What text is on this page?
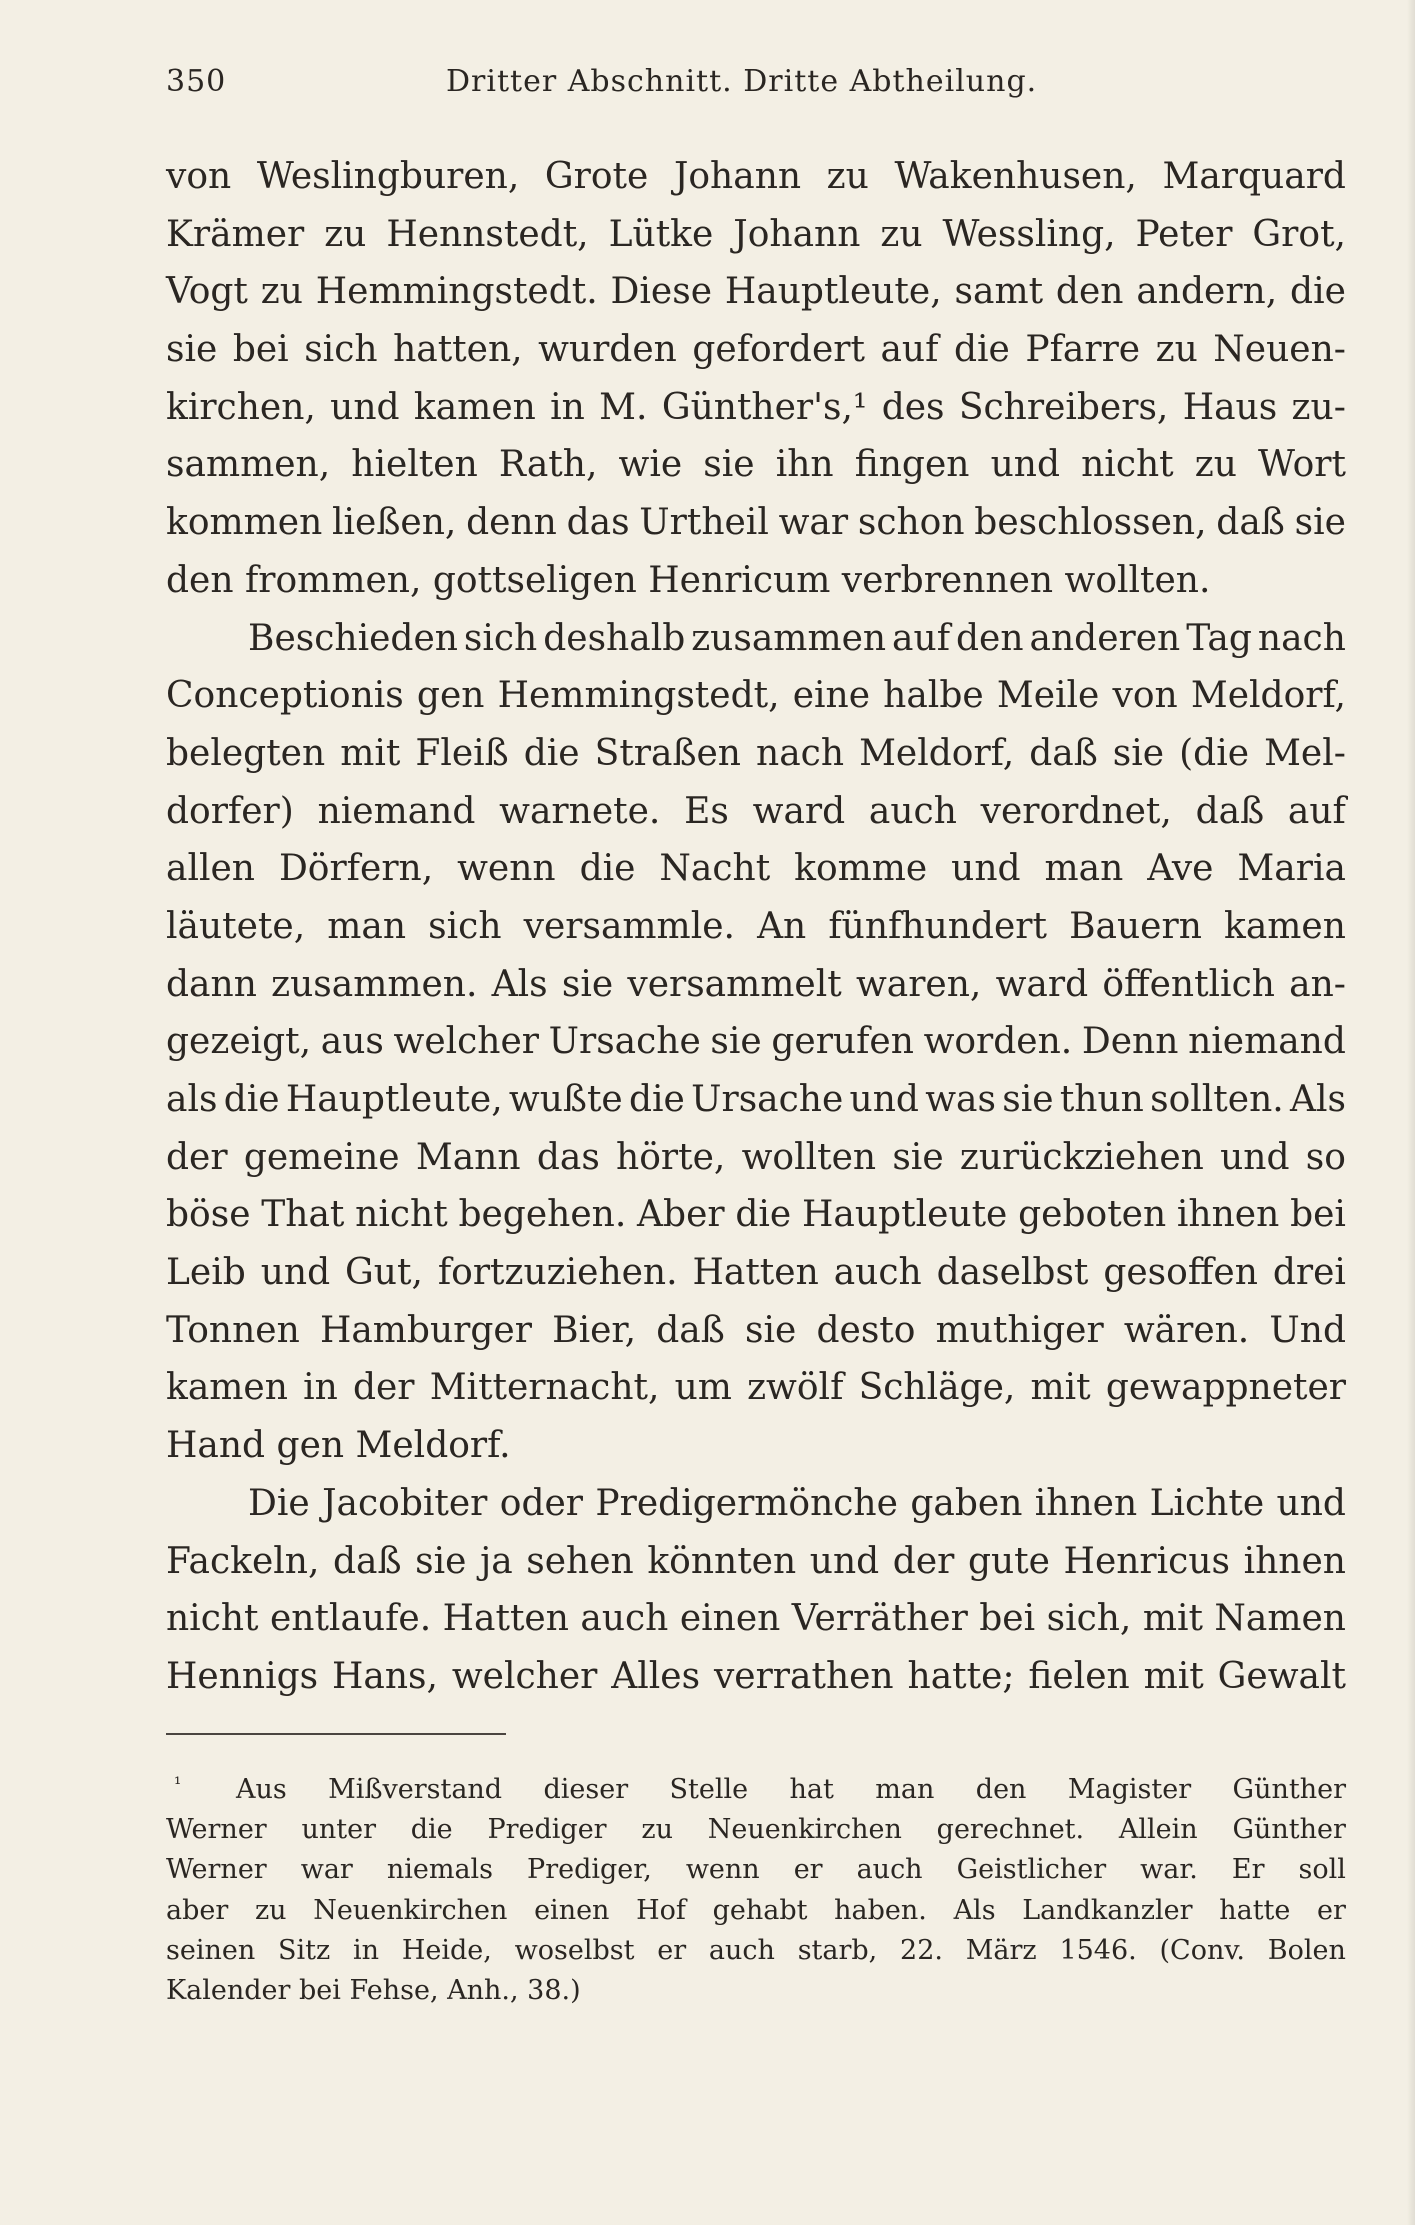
350	Dritter Abschnitt. Dritte Abtheilung.
von Weslingburen, Grote Johann zu Wakenhusen, Marquard
Krämer zu Hennstedt, Lütke Johann zu Wessling, Peter Grot,
Vogt zu Hemmingstedt. Diese Hauptleute, samt den andern, die
sie bei sich hatten, wurden gefordert auf die Pfarre zu Neuen-
kirchen, und kamen in M. Günther's,¹ des Schreibers, Haus zu-
sammen, hielten Rath, wie sie ihn fingen und nicht zu Wort
kommen ließen, denn das Urtheil war schon beschlossen, daß sie
den frommen, gottseligen Henricum verbrennen wollten.
Beschieden sich deshalb zusammen auf den anderen Tag nach
Conceptionis gen Hemmingstedt, eine halbe Meile von Meldorf,
belegten mit Fleiß die Straßen nach Meldorf, daß sie (die Mel-
dorfer) niemand warnete. Es ward auch verordnet, daß auf
allen Dörfern, wenn die Nacht komme und man Ave Maria
läutete, man sich versammle. An fünfhundert Bauern kamen
dann zusammen. Als sie versammelt waren, ward öffentlich an-
gezeigt, aus welcher Ursache sie gerufen worden. Denn niemand
als die Hauptleute, wußte die Ursache und was sie thun sollten. Als
der gemeine Mann das hörte, wollten sie zurückziehen und so
böse That nicht begehen. Aber die Hauptleute geboten ihnen bei
Leib und Gut, fortzuziehen. Hatten auch daselbst gesoffen drei
Tonnen Hamburger Bier, daß sie desto muthiger wären. Und
kamen in der Mitternacht, um zwölf Schläge, mit gewappneter
Hand gen Meldorf.
Die Jacobiter oder Predigermönche gaben ihnen Lichte und
Fackeln, daß sie ja sehen könnten und der gute Henricus ihnen
nicht entlaufe. Hatten auch einen Verräther bei sich, mit Namen
Hennigs Hans, welcher Alles verrathen hatte; fielen mit Gewalt
¹ Aus Mißverstand dieser Stelle hat man den Magister Günther
Werner unter die Prediger zu Neuenkirchen gerechnet. Allein Günther
Werner war niemals Prediger, wenn er auch Geistlicher war. Er soll
aber zu Neuenkirchen einen Hof gehabt haben. Als Landkanzler hatte er
seinen Sitz in Heide, woselbst er auch starb, 22. März 1546. (Conv. Bolen
Kalender bei Fehse, Anh., 38.)
